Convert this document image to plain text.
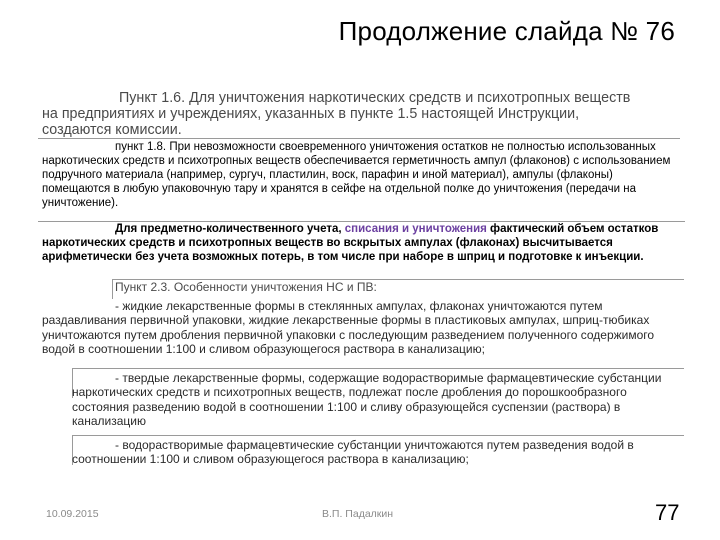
Продолжение слайда № 76
Пункт 1.6. Для уничтожения наркотических средств и психотропных веществ на предприятиях и учреждениях, указанных в пункте 1.5 настоящей Инструкции, создаются комиссии.
пункт 1.8. При невозможности своевременного уничтожения остатков не полностью использованных наркотических средств и психотропных веществ обеспечивается герметичность ампул (флаконов) с использованием подручного материала (например, сургуч, пластилин, воск, парафин и иной материал), ампулы (флаконы) помещаются в любую упаковочную тару и хранятся в сейфе на отдельной полке до уничтожения (передачи на уничтожение).
Для предметно-количественного учета, списания и уничтожения фактический объем остатков наркотических средств и психотропных веществ во вскрытых ампулах (флаконах) высчитывается арифметически без учета возможных потерь, в том числе при наборе в шприц и подготовке к инъекции.
Пункт 2.3. Особенности уничтожения НС и ПВ:
- жидкие лекарственные формы в стеклянных ампулах, флаконах уничтожаются путем раздавливания первичной упаковки, жидкие лекарственные формы в пластиковых ампулах, шприц-тюбиках уничтожаются путем дробления первичной упаковки с последующим разведением полученного содержимого водой в соотношении 1:100 и сливом образующегося раствора в канализацию;
- твердые лекарственные формы, содержащие водорастворимые фармацевтические субстанции наркотических средств и психотропных веществ, подлежат после дробления до порошкообразного состояния разведению водой в соотношении 1:100 и сливу образующейся суспензии (раствора) в канализацию
- водорастворимые фармацевтические субстанции уничтожаются путем разведения водой в соотношении 1:100 и сливом образующегося раствора в канализацию;
10.09.2015	В.П. Падалкин	77
